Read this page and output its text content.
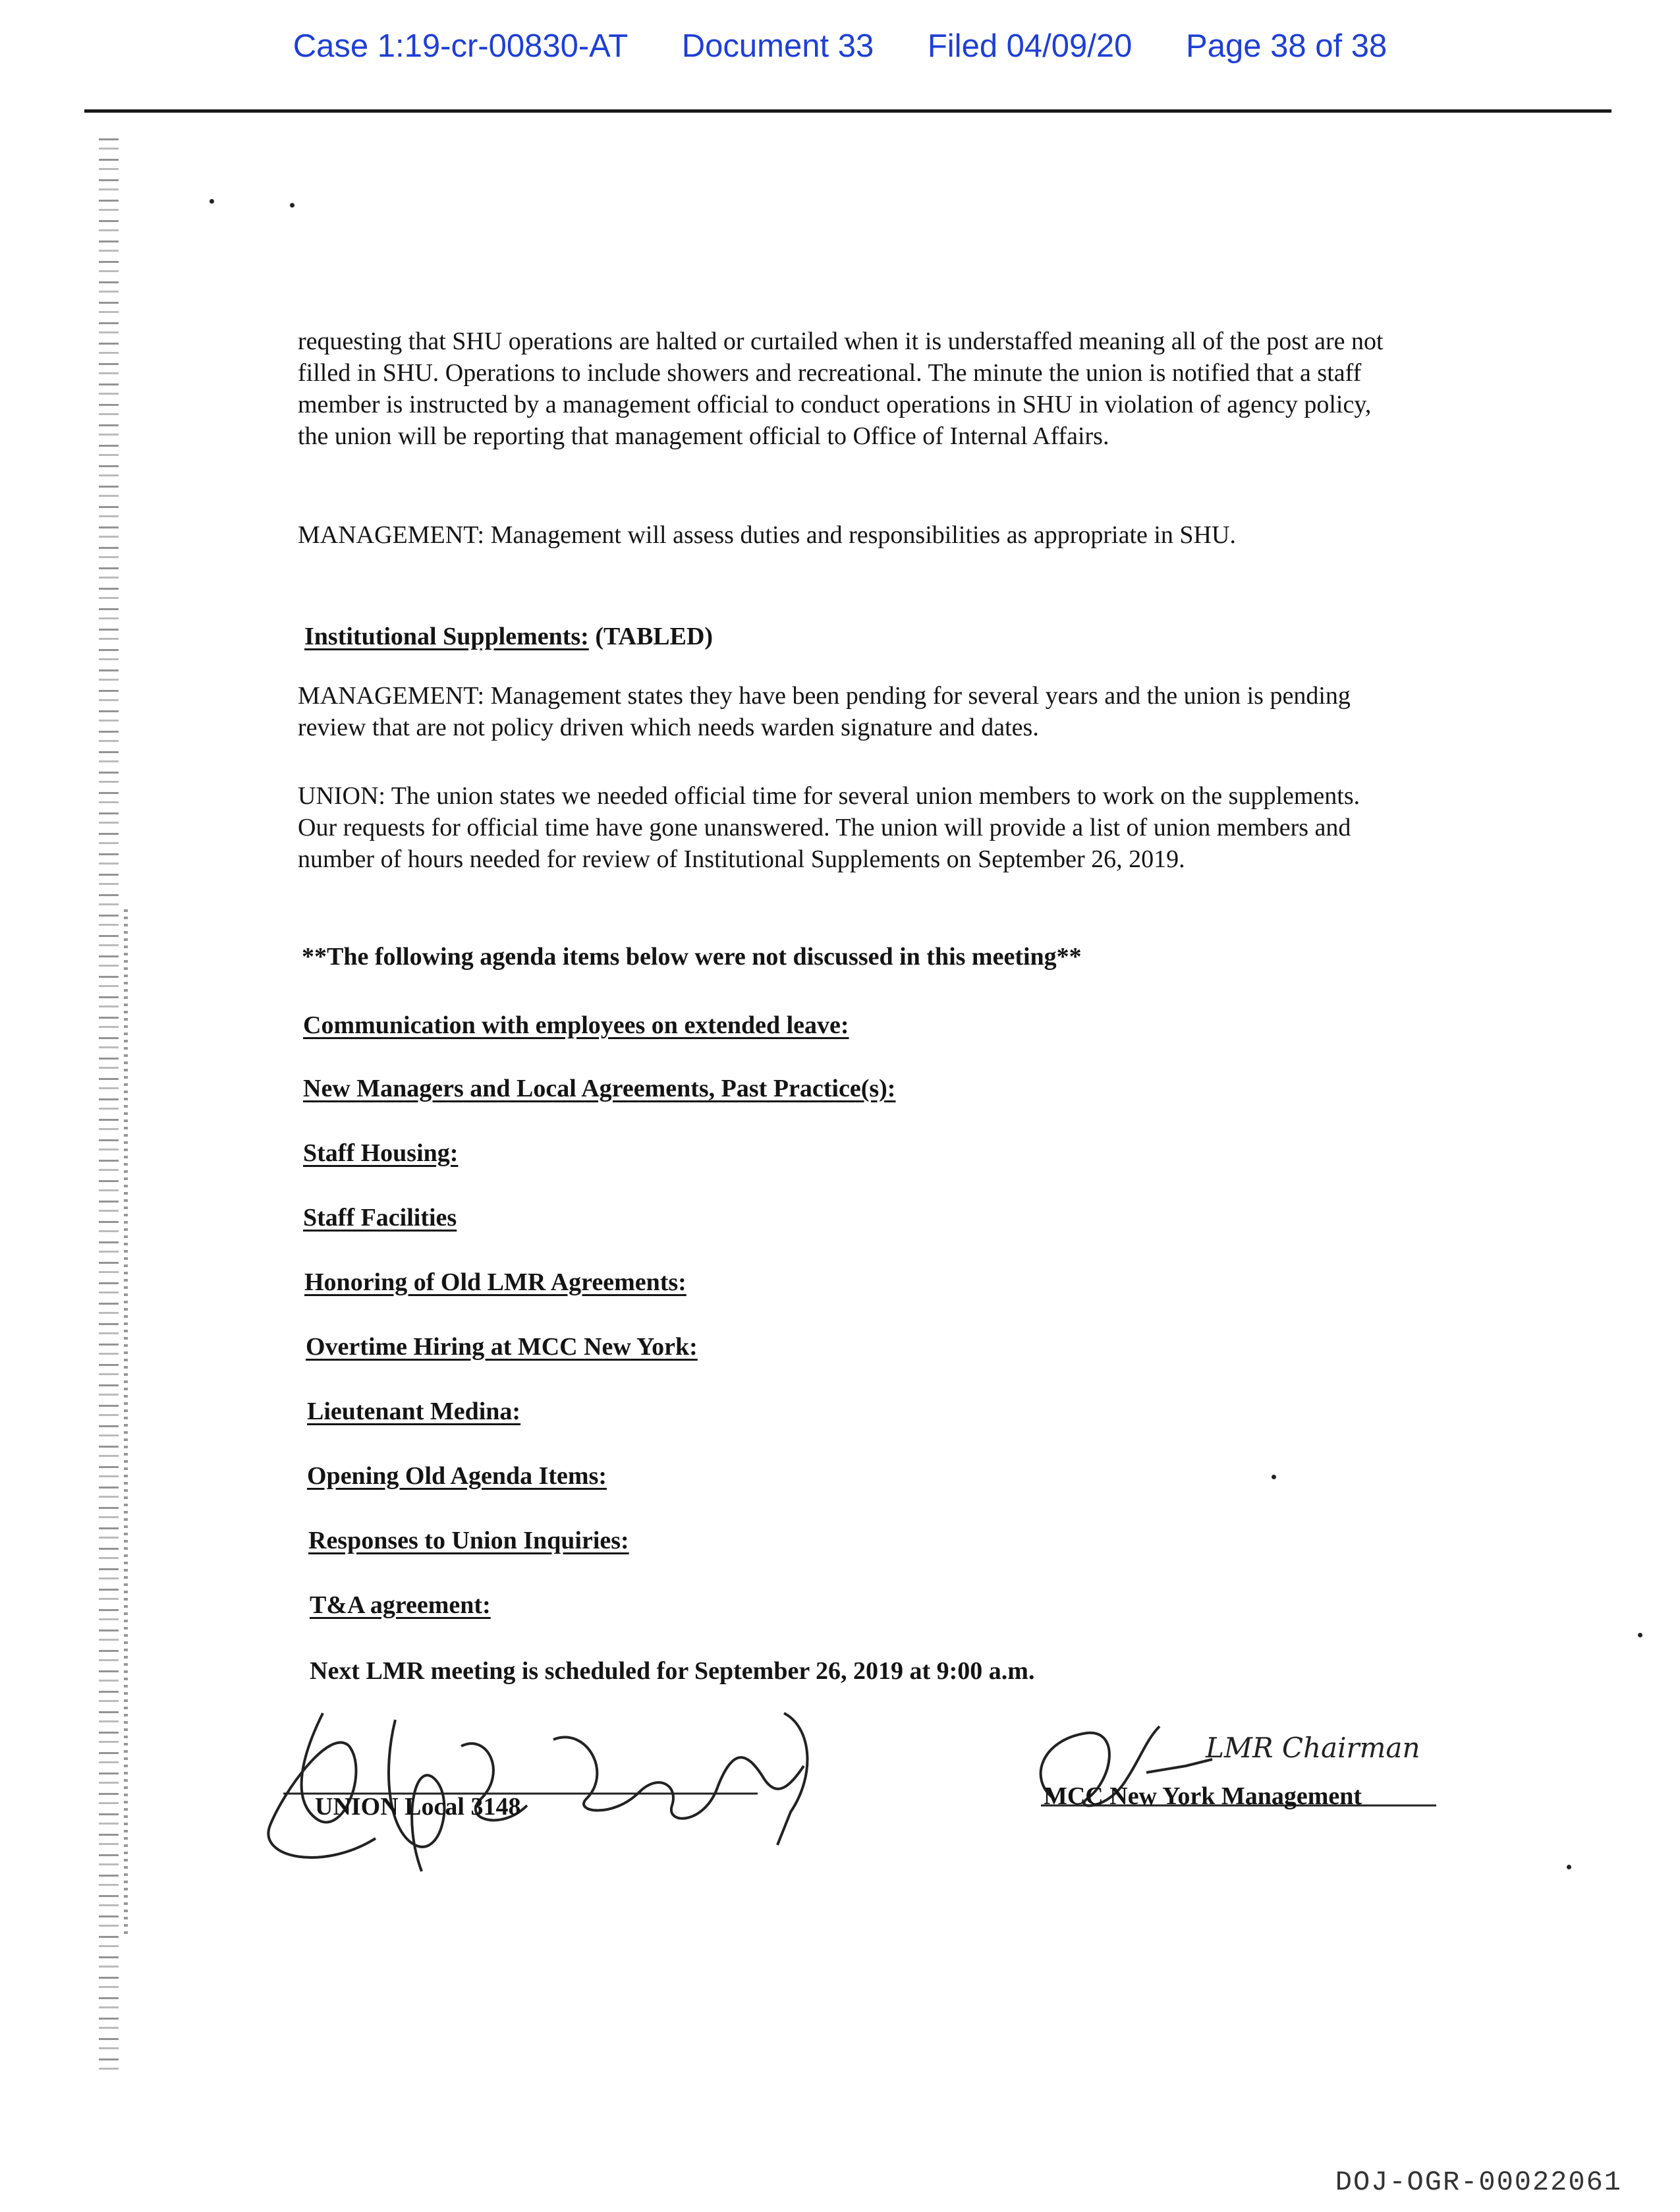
Case 1:19-cr-00830-AT Document 33 Filed 04/09/20 Page 38 of 38

requesting that SHU operations are halted or curtailed when it is understaffed meaning all of the post are not filled in SHU. Operations to include showers and recreational. The minute the union is notified that a staff member is instructed by a management official to conduct operations in SHU in violation of agency policy, the union will be reporting that management official to Office of Internal Affairs.

MANAGEMENT: Management will assess duties and responsibilities as appropriate in SHU.

Institutional Supplements: (TABLED)

MANAGEMENT: Management states they have been pending for several years and the union is pending review that are not policy driven which needs warden signature and dates.

UNION: The union states we needed official time for several union members to work on the supplements. Our requests for official time have gone unanswered. The union will provide a list of union members and number of hours needed for review of Institutional Supplements on September 26, 2019.

**The following agenda items below were not discussed in this meeting**

Communication with employees on extended leave:

New Managers and Local Agreements, Past Practice(s):

Staff Housing:

Staff Facilities

Honoring of Old LMR Agreements:

Overtime Hiring at MCC New York:

Lieutenant Medina:

Opening Old Agenda Items:

Responses to Union Inquiries:

T&A agreement:

Next LMR meeting is scheduled for September 26, 2019 at 9:00 a.m.

UNION Local 3148

LMR Chairman

MCC New York Management

DOJ-OGR-00022061
